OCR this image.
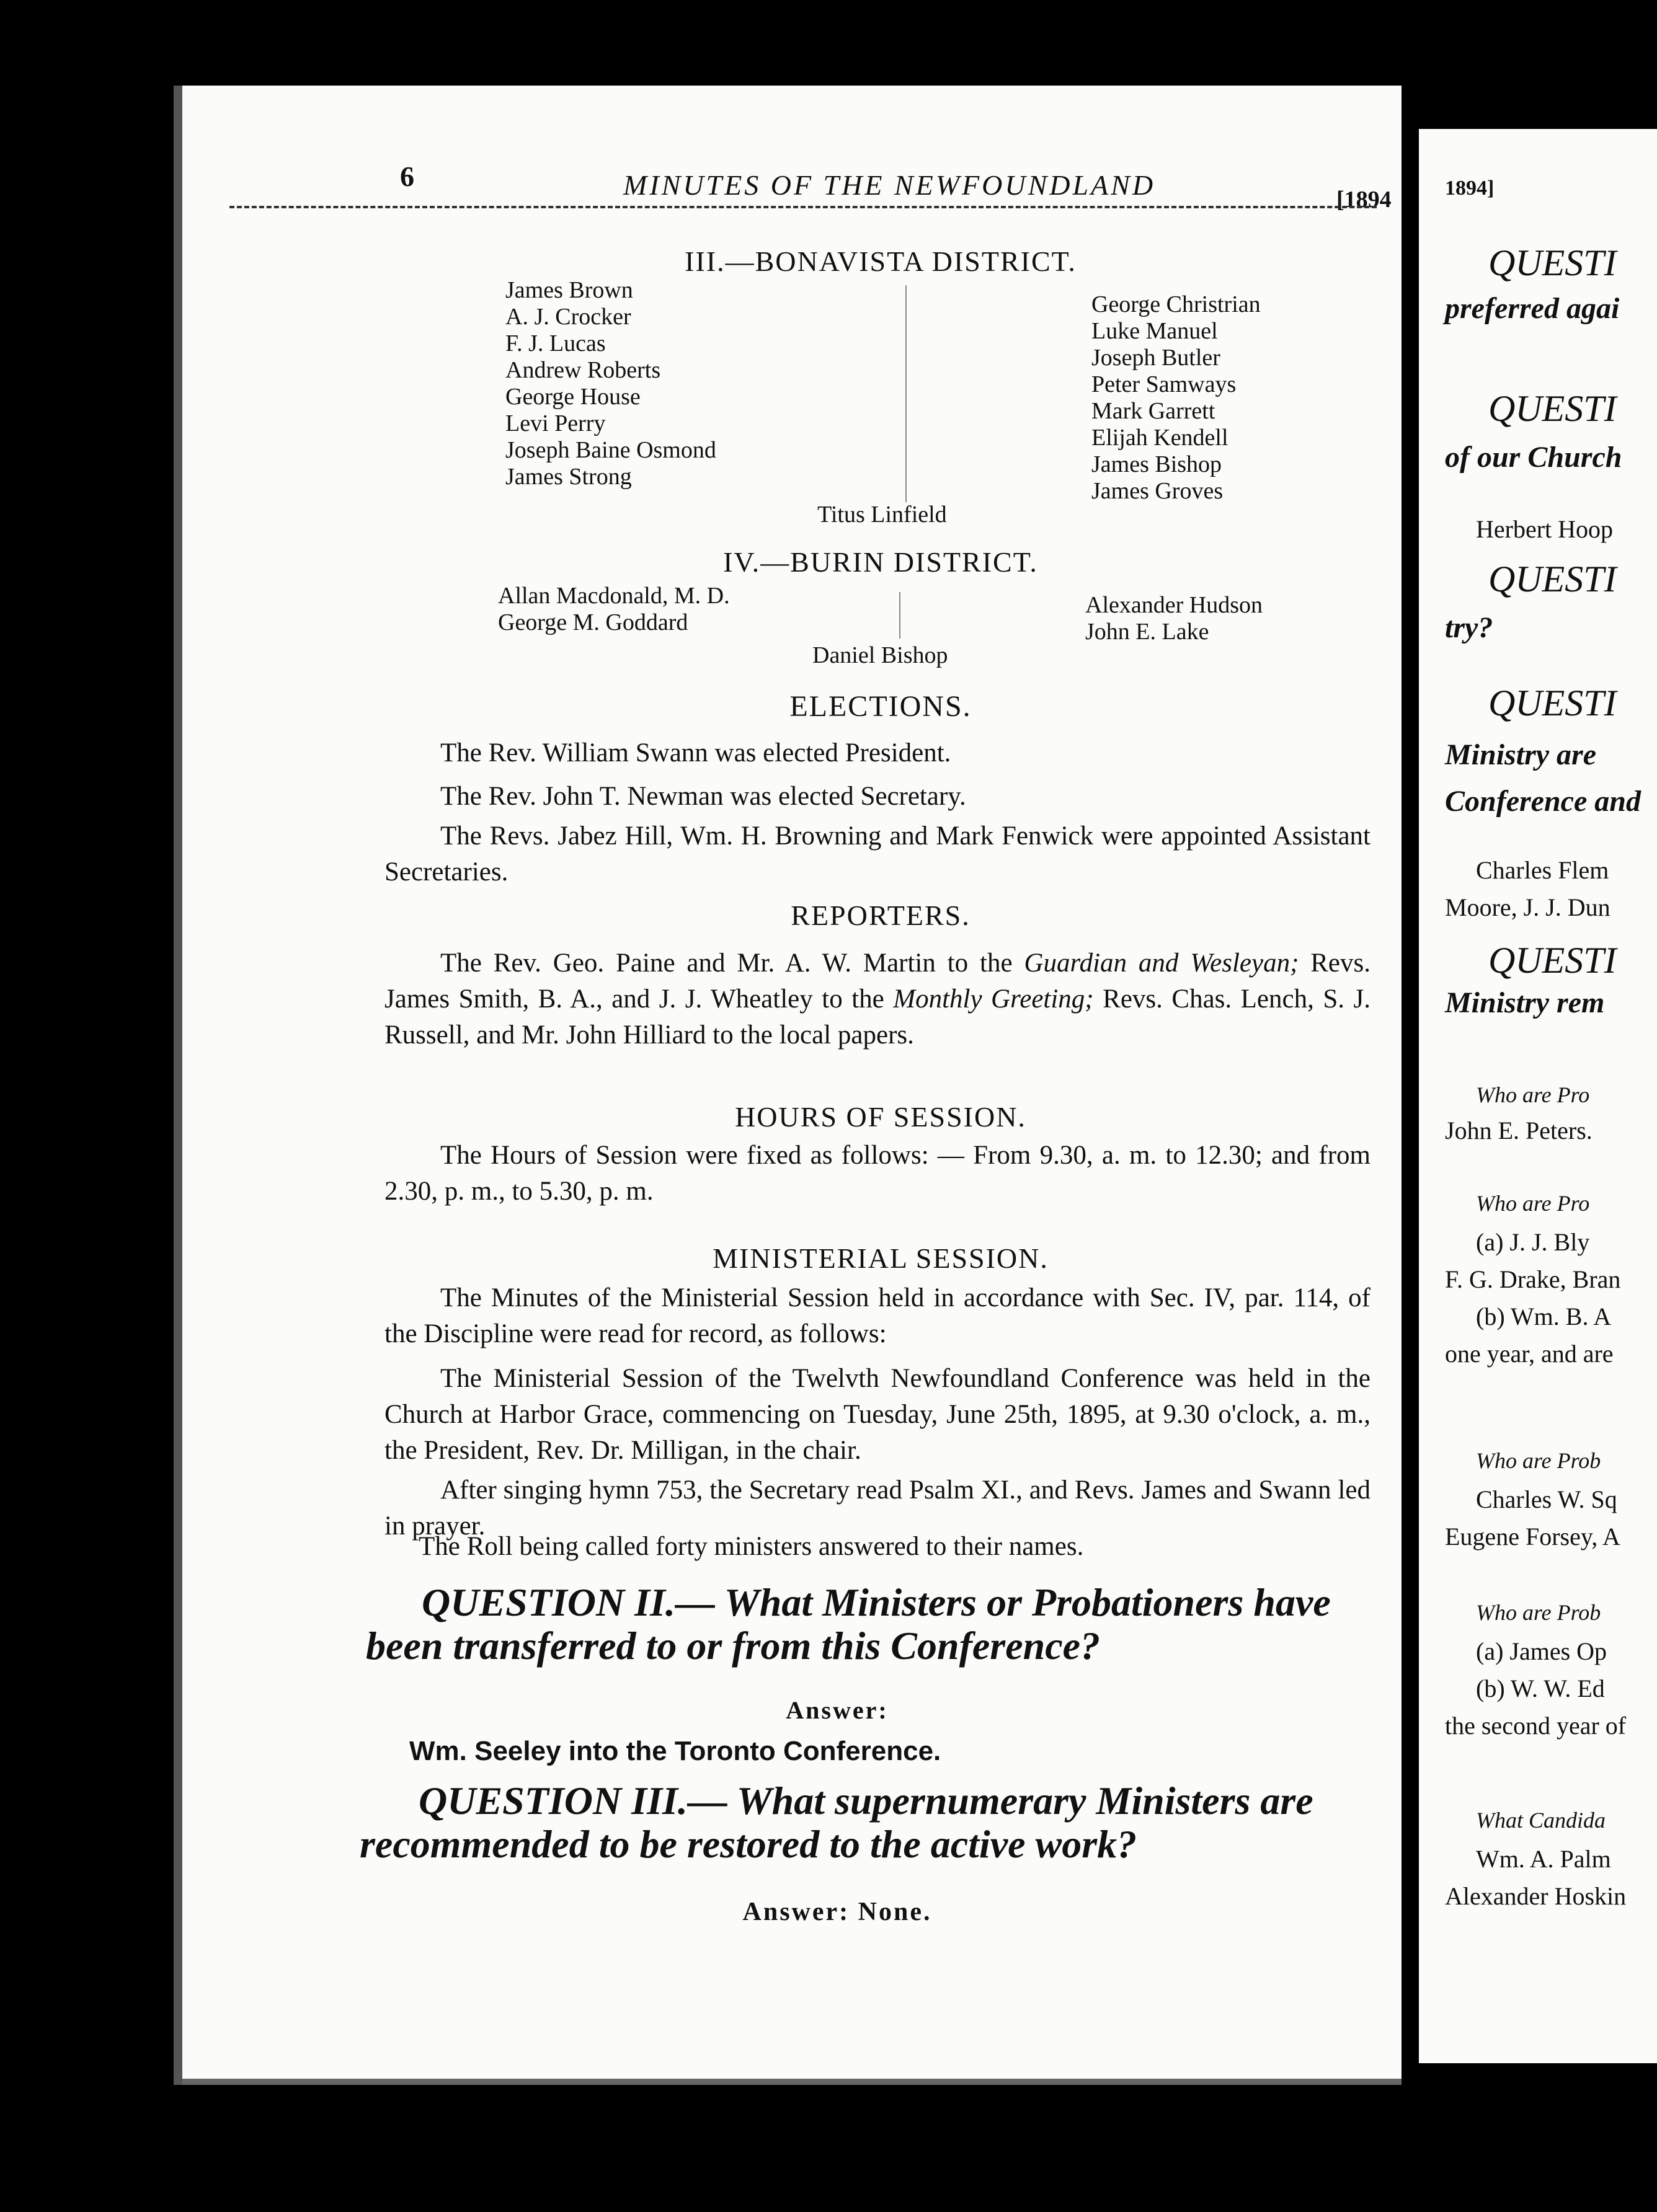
6	MINUTES OF THE NEWFOUNDLAND	[1894
III.—BONAVISTA DISTRICT.
James Brown
A. J. Crocker
F. J. Lucas
Andrew Roberts
George House
Levi Perry
Joseph Baine Osmond
James Strong
George Christrian
Luke Manuel
Joseph Butler
Peter Samways
Mark Garrett
Elijah Kendell
James Bishop
James Groves
Titus Linfield
IV.—BURIN DISTRICT.
Allan Macdonald, M. D.
George M. Goddard
Alexander Hudson
John E. Lake
Daniel Bishop
ELECTIONS.
The Rev. William Swann was elected President.
The Rev. John T. Newman was elected Secretary.
The Revs. Jabez Hill, Wm. H. Browning and Mark Fenwick were appointed Assistant Secretaries.
REPORTERS.
The Rev. Geo. Paine and Mr. A. W. Martin to the Guardian and Wesleyan; Revs. James Smith, B. A., and J. J. Wheatley to the Monthly Greeting; Revs. Chas. Lench, S. J. Russell, and Mr. John Hilliard to the local papers.
HOURS OF SESSION.
The Hours of Session were fixed as follows: — From 9.30, a. m. to 12.30; and from 2.30, p. m., to 5.30, p. m.
MINISTERIAL SESSION.
The Minutes of the Ministerial Session held in accordance with Sec. IV, par. 114, of the Discipline were read for record, as follows:
The Ministerial Session of the Twelvth Newfoundland Conference was held in the Church at Harbor Grace, commencing on Tuesday, June 25th, 1895, at 9.30 o'clock, a. m., the President, Rev. Dr. Milligan, in the chair.
After singing hymn 753, the Secretary read Psalm XI., and Revs. James and Swann led in prayer.
The Roll being called forty ministers answered to their names.
QUESTION II.— What Ministers or Probationers have been transferred to or from this Conference?
Answer:
Wm. Seeley into the Toronto Conference.
QUESTION III.— What supernumerary Ministers are recommended to be restored to the active work?
Answer: None.
1894]
QUESTI
preferred agai
QUESTI
of our Church
Herbert Hoop
QUESTI
try?
QUESTI
Ministry are
Conference and
Charles Flem
Moore, J. J. Dun
QUESTI
Ministry rem
Who are Pro
John E. Peters.
Who are Pro
(a) J. J. Bly
F. G. Drake, Bran
(b) Wm. B. A
one year, and are
Who are Prob
Charles W. Sq
Eugene Forsey, A
Who are Prob
(a) James Op
(b) W. W. Ed
the second year of
What Candida
Wm. A. Palm
Alexander Hoskin
